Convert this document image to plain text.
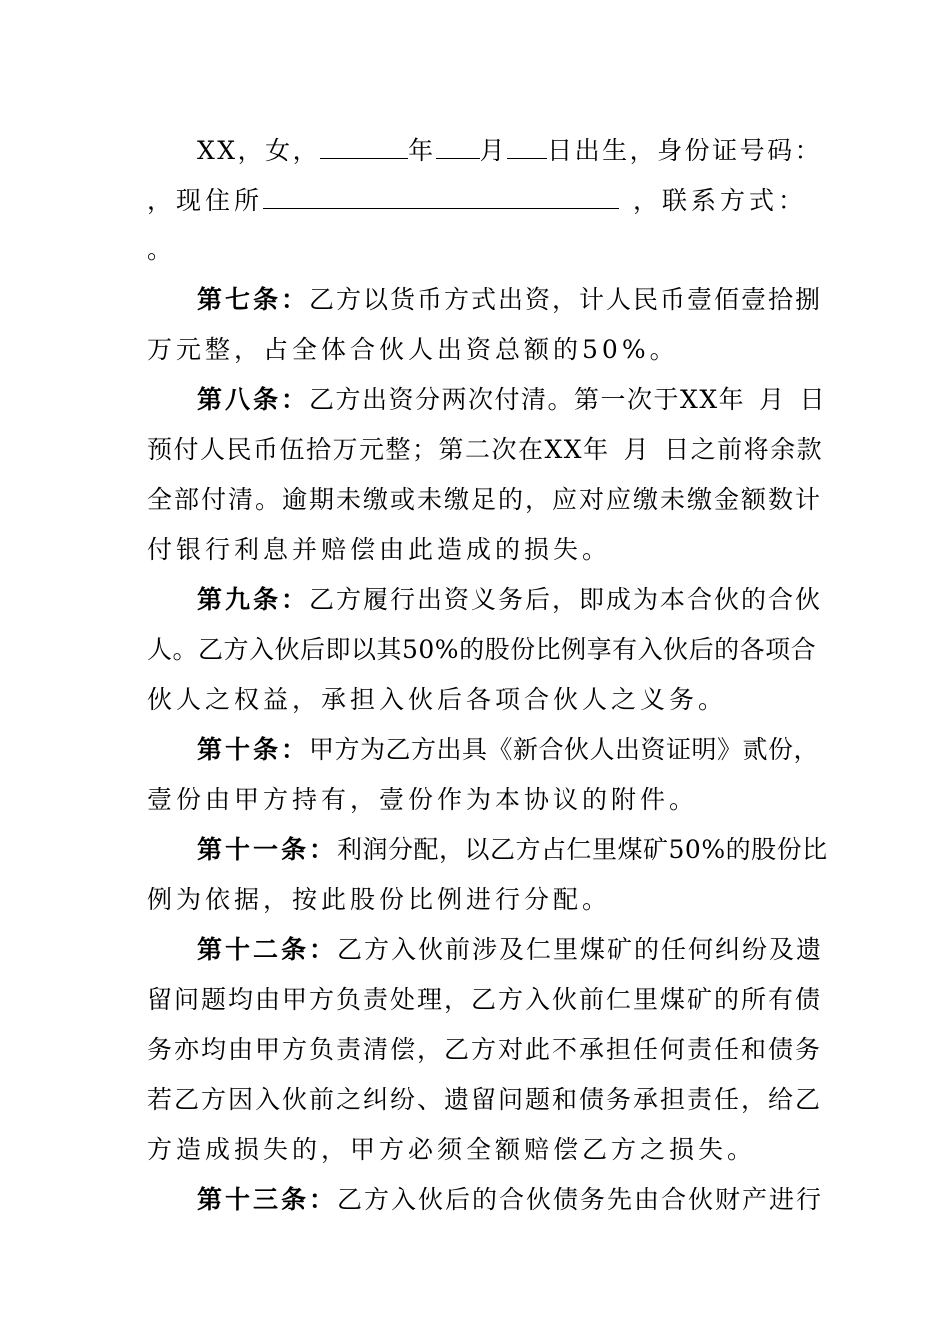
XX，女，	年 月 日出生，身份证号码：
，现住所	，联系方式：
。
第七条：乙方以货币方式出资，计人民币壹佰壹拾捌
万元整，占全体合伙人出资总额的50%。
第八条：乙方出资分两次付清。第一次于XX年 月 日
预付人民币伍拾万元整；第二次在XX年 月 日之前将余款
全部付清。逾期未缴或未缴足的，应对应缴未缴金额数计
付银行利息并赔偿由此造成的损失。
第九条：乙方履行出资义务后，即成为本合伙的合伙
人。乙方入伙后即以其50%的股份比例享有入伙后的各项合
伙人之权益，承担入伙后各项合伙人之义务。
第十条：甲方为乙方出具《新合伙人出资证明》贰份，
壹份由甲方持有，壹份作为本协议的附件。
第十一条：利润分配，以乙方占仁里煤矿50%的股份比
例为依据，按此股份比例进行分配。
第十二条：乙方入伙前涉及仁里煤矿的任何纠纷及遗
留问题均由甲方负责处理，乙方入伙前仁里煤矿的所有债
务亦均由甲方负责清偿，乙方对此不承担任何责任和债务
若乙方因入伙前之纠纷、遗留问题和债务承担责任，给乙
方造成损失的，甲方必须全额赔偿乙方之损失。
第十三条：乙方入伙后的合伙债务先由合伙财产进行
